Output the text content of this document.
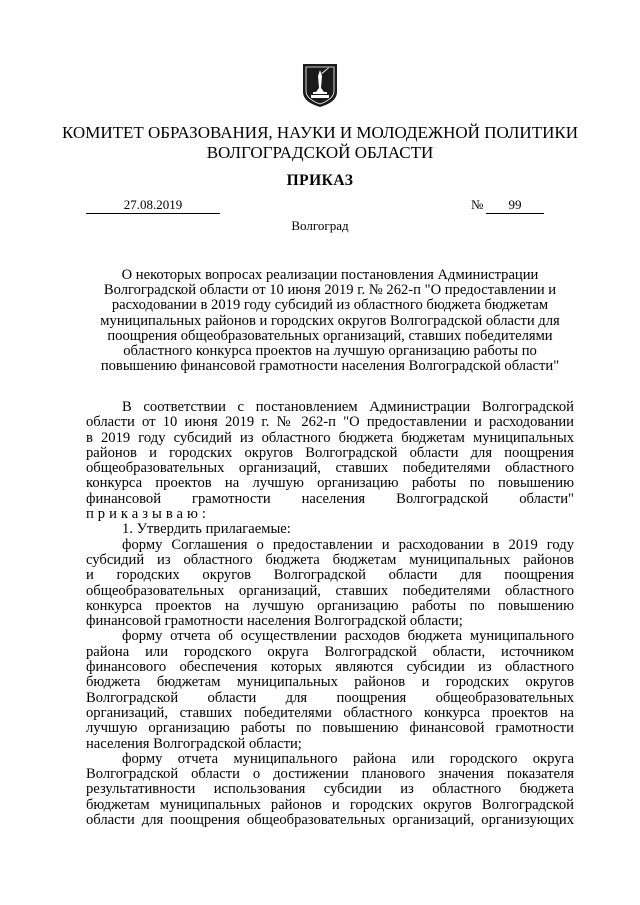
КОМИТЕТ ОБРАЗОВАНИЯ, НАУКИ И МОЛОДЕЖНОЙ ПОЛИТИКИ
ВОЛГОГРАДСКОЙ ОБЛАСТИ
ПРИКАЗ
27.08.2019	№	99
Волгоград
О некоторых вопросах реализации постановления Администрации
Волгоградской области от 10 июня 2019 г. № 262-п "О предоставлении и
расходовании в 2019 году субсидий из областного бюджета бюджетам
муниципальных районов и городских округов Волгоградской области для
поощрения общеобразовательных организаций, ставших победителями
областного конкурса проектов на лучшую организацию работы по
повышению финансовой грамотности населения Волгоградской области"
В соответствии с постановлением Администрации Волгоградской
области от 10 июня 2019 г. № 262-п "О предоставлении и расходовании
в 2019 году субсидий из областного бюджета бюджетам муниципальных
районов и городских округов Волгоградской области для поощрения
общеобразовательных организаций, ставших победителями областного
конкурса проектов на лучшую организацию работы по повышению
финансовой грамотности населения Волгоградской области"
приказываю:
1. Утвердить прилагаемые:
форму Соглашения о предоставлении и расходовании в 2019 году
субсидий из областного бюджета бюджетам муниципальных районов
и городских округов Волгоградской области для поощрения
общеобразовательных организаций, ставших победителями областного
конкурса проектов на лучшую организацию работы по повышению
финансовой грамотности населения Волгоградской области;
форму отчета об осуществлении расходов бюджета муниципального
района или городского округа Волгоградской области, источником
финансового обеспечения которых являются субсидии из областного
бюджета бюджетам муниципальных районов и городских округов
Волгоградской области для поощрения общеобразовательных
организаций, ставших победителями областного конкурса проектов на
лучшую организацию работы по повышению финансовой грамотности
населения Волгоградской области;
форму отчета муниципального района или городского округа
Волгоградской области о достижении планового значения показателя
результативности использования субсидии из областного бюджета
бюджетам муниципальных районов и городских округов Волгоградской
области для поощрения общеобразовательных организаций, организующих
